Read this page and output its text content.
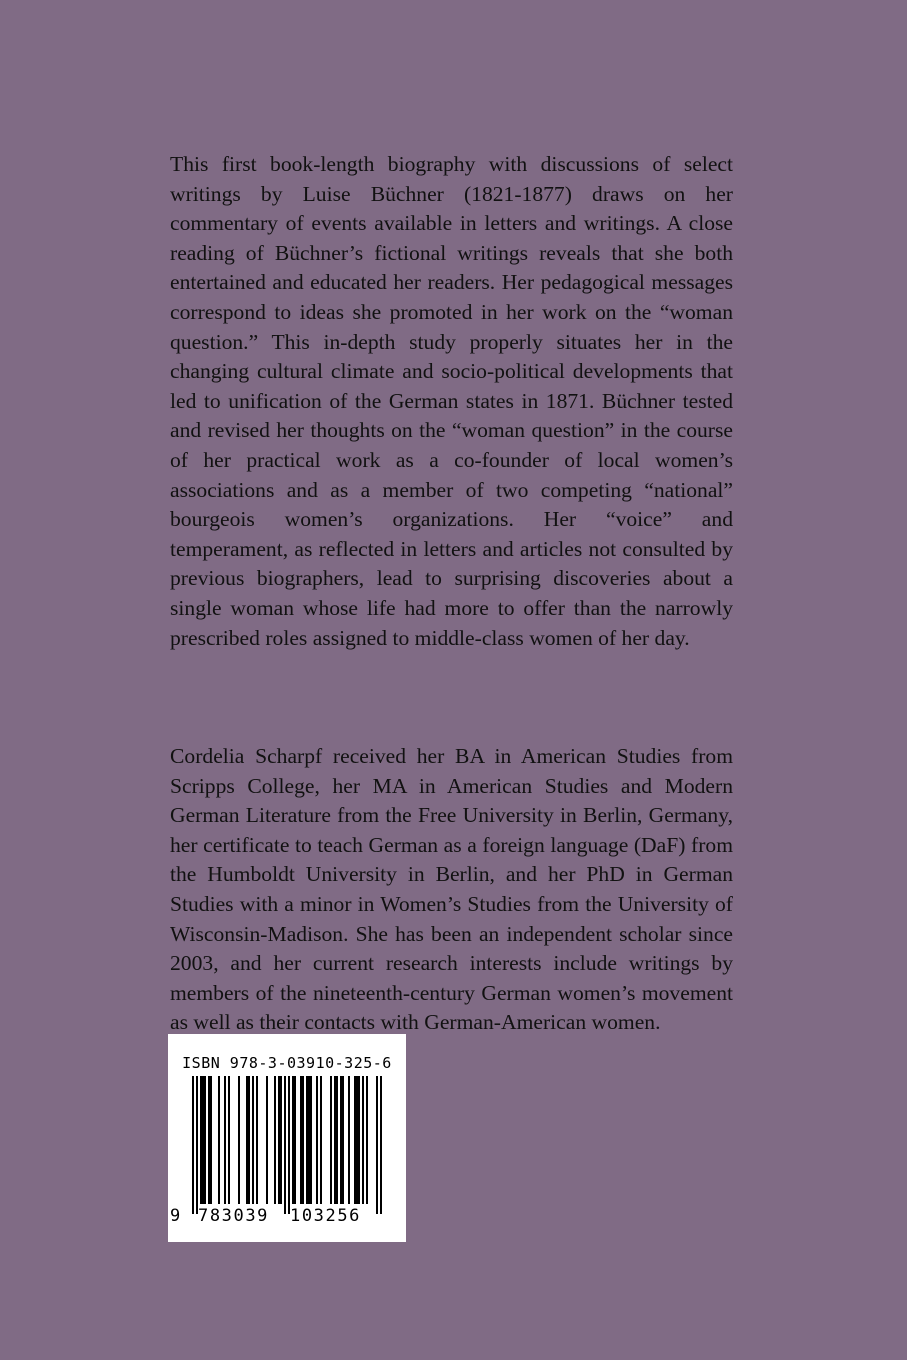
This first book-length biography with discussions of select writings by Luise Büchner (1821-1877) draws on her commentary of events available in letters and writings. A close reading of Büchner’s fictional writings reveals that she both entertained and educated her readers. Her pedagogical messages correspond to ideas she promoted in her work on the “woman question.” This in-depth study properly situates her in the changing cultural climate and socio-political developments that led to unification of the German states in 1871. Büchner tested and revised her thoughts on the “woman question” in the course of her practical work as a co-founder of local women’s associations and as a member of two competing “national” bourgeois women’s organizations. Her “voice” and temperament, as reflected in letters and articles not consulted by previous biographers, lead to surprising discoveries about a single woman whose life had more to offer than the narrowly prescribed roles assigned to middle-class women of her day.

Cordelia Scharpf received her BA in American Studies from Scripps College, her MA in American Studies and Modern German Literature from the Free University in Berlin, Germany, her certificate to teach German as a foreign language (DaF) from the Humboldt University in Berlin, and her PhD in German Studies with a minor in Women’s Studies from the University of Wisconsin-Madison. She has been an independent scholar since 2003, and her current research interests include writings by members of the nineteenth-century German women’s movement as well as their contacts with German-American women.

ISBN 978-3-03910-325-6
9 783039 103256
